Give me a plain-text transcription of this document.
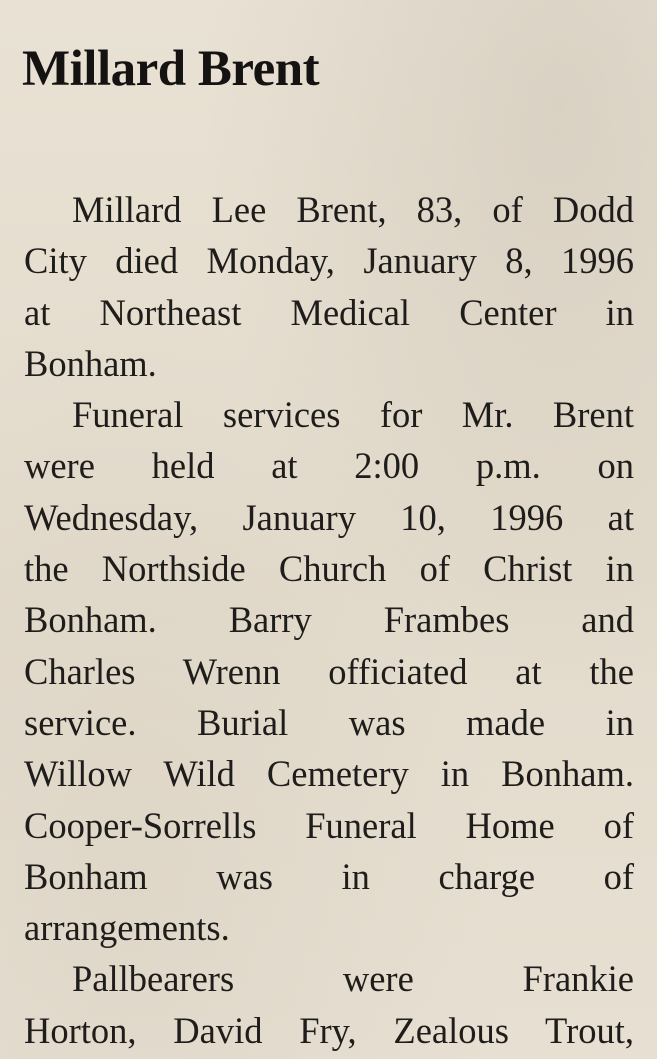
Millard Brent

Millard Lee Brent, 83, of Dodd
City died Monday, January 8, 1996
at Northeast Medical Center in
Bonham.

Funeral services for Mr. Brent
were held at 2:00 p.m. on
Wednesday, January 10, 1996 at
the Northside Church of Christ in
Bonham. Barry Frambes and
Charles Wrenn officiated at the
service. Burial was made in
Willow Wild Cemetery in Bonham.
Cooper-Sorrells Funeral Home of
Bonham was in charge of
arrangements.

Pallbearers were Frankie
Horton, David Fry, Zealous Trout,
